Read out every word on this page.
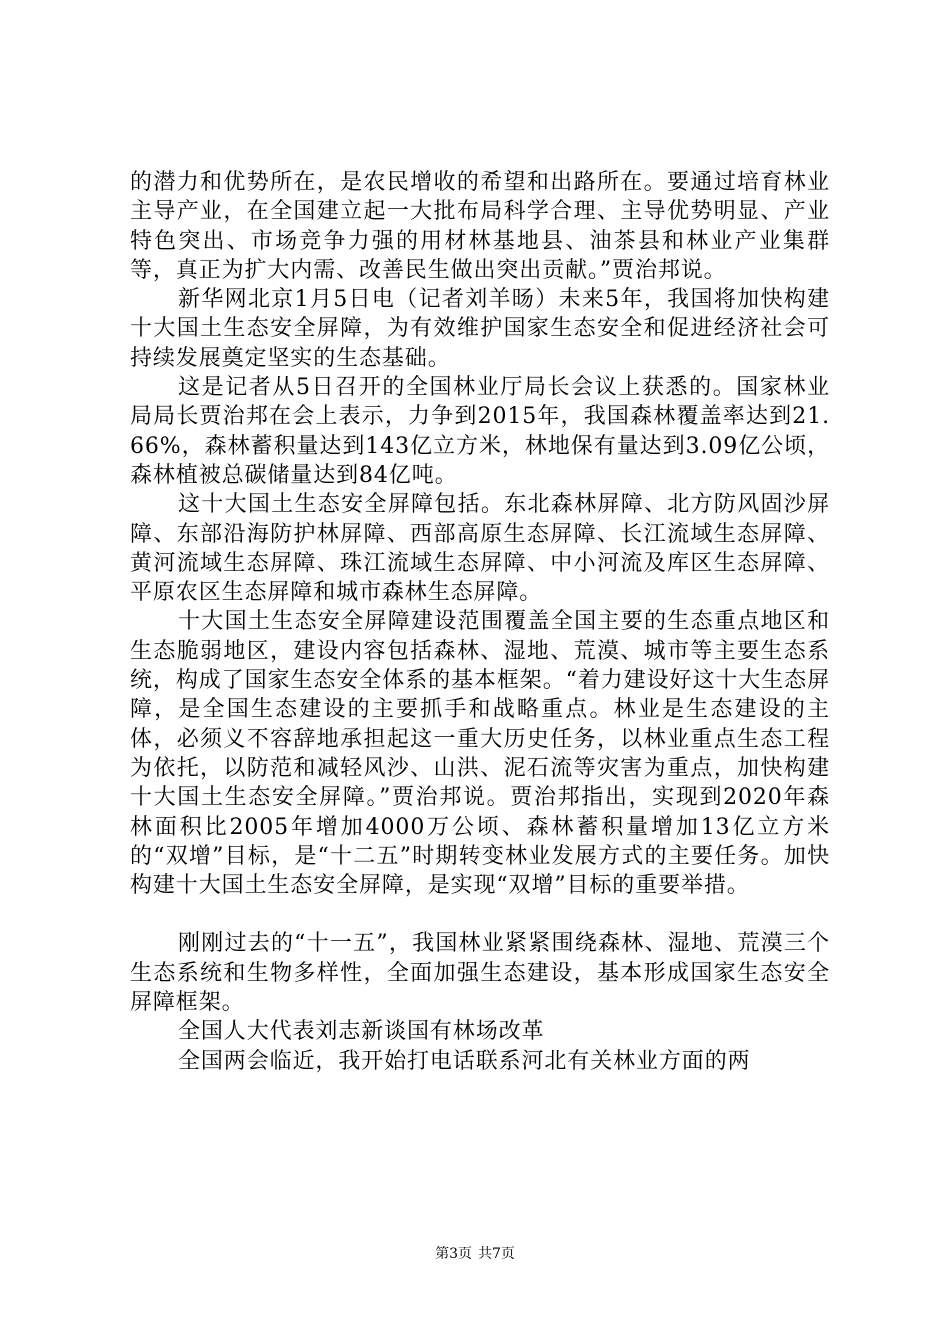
的潜力和优势所在，是农民增收的希望和出路所在。要通过培育林业主导产业，在全国建立起一大批布局科学合理、主导优势明显、产业特色突出、市场竞争力强的用材林基地县、油茶县和林业产业集群等，真正为扩大内需、改善民生做出突出贡献。”贾治邦说。

新华网北京1月5日电（记者刘羊旸）未来5年，我国将加快构建十大国土生态安全屏障，为有效维护国家生态安全和促进经济社会可持续发展奠定坚实的生态基础。

这是记者从5日召开的全国林业厅局长会议上获悉的。国家林业局局长贾治邦在会上表示，力争到2015年，我国森林覆盖率达到21.66%，森林蓄积量达到143亿立方米，林地保有量达到3.09亿公顷，森林植被总碳储量达到84亿吨。

这十大国土生态安全屏障包括。东北森林屏障、北方防风固沙屏障、东部沿海防护林屏障、西部高原生态屏障、长江流域生态屏障、黄河流域生态屏障、珠江流域生态屏障、中小河流及库区生态屏障、平原农区生态屏障和城市森林生态屏障。

十大国土生态安全屏障建设范围覆盖全国主要的生态重点地区和生态脆弱地区，建设内容包括森林、湿地、荒漠、城市等主要生态系统，构成了国家生态安全体系的基本框架。“着力建设好这十大生态屏障，是全国生态建设的主要抓手和战略重点。林业是生态建设的主体，必须义不容辞地承担起这一重大历史任务，以林业重点生态工程为依托，以防范和减轻风沙、山洪、泥石流等灾害为重点，加快构建十大国土生态安全屏障。”贾治邦说。贾治邦指出，实现到2020年森林面积比2005年增加4000万公顷、森林蓄积量增加13亿立方米的“双增”目标，是“十二五”时期转变林业发展方式的主要任务。加快构建十大国土生态安全屏障，是实现“双增”目标的重要举措。

刚刚过去的“十一五”，我国林业紧紧围绕森林、湿地、荒漠三个生态系统和生物多样性，全面加强生态建设，基本形成国家生态安全屏障框架。

全国人大代表刘志新谈国有林场改革

全国两会临近，我开始打电话联系河北有关林业方面的两

第3页 共7页
